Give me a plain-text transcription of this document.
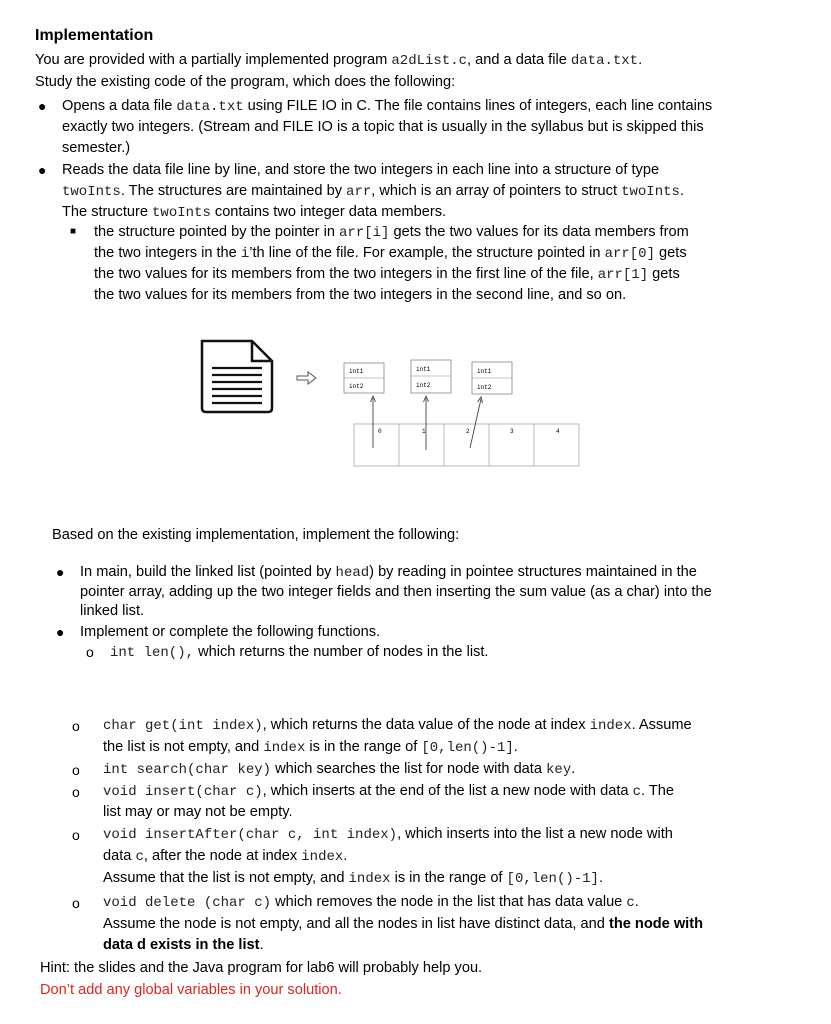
Implementation
You are provided with a partially implemented program a2dList.c, and a data file data.txt.
Study the existing code of the program, which does the following:
● Opens a data file data.txt using FILE IO in C. The file contains lines of integers, each line contains
exactly two integers. (Stream and FILE IO is a topic that is usually in the syllabus but is skipped this
semester.)
● Reads the data file line by line, and store the two integers in each line into a structure of type
twoInts. The structures are maintained by arr, which is an array of pointers to struct twoInts.
The structure twoInts contains two integer data members.
■ the structure pointed by the pointer in arr[i] gets the two values for its data members from
the two integers in the i’th line of the file. For example, the structure pointed in arr[0] gets
the two values for its members from the two integers in the first line of the file, arr[1] gets
the two values for its members from the two integers in the second line, and so on.
int1
int2
int1
int2
int1
int2
0	1	2	3	4
Based on the existing implementation, implement the following:
● In main, build the linked list (pointed by head) by reading in pointee structures maintained in the
pointer array, adding up the two integer fields and then inserting the sum value (as a char) into the
linked list.
● Implement or complete the following functions.
o int len(), which returns the number of nodes in the list.
o char get(int index), which returns the data value of the node at index index. Assume
the list is not empty, and index is in the range of [0,len()-1].
o int search(char key) which searches the list for node with data key.
o void insert(char c), which inserts at the end of the list a new node with data c. The
list may or may not be empty.
o void insertAfter(char c, int index), which inserts into the list a new node with
data c, after the node at index index.
Assume that the list is not empty, and index is in the range of [0,len()-1].
o void delete (char c) which removes the node in the list that has data value c.
Assume the node is not empty, and all the nodes in list have distinct data, and the node with
data d exists in the list.
Hint: the slides and the Java program for lab6 will probably help you.
Don’t add any global variables in your solution.
